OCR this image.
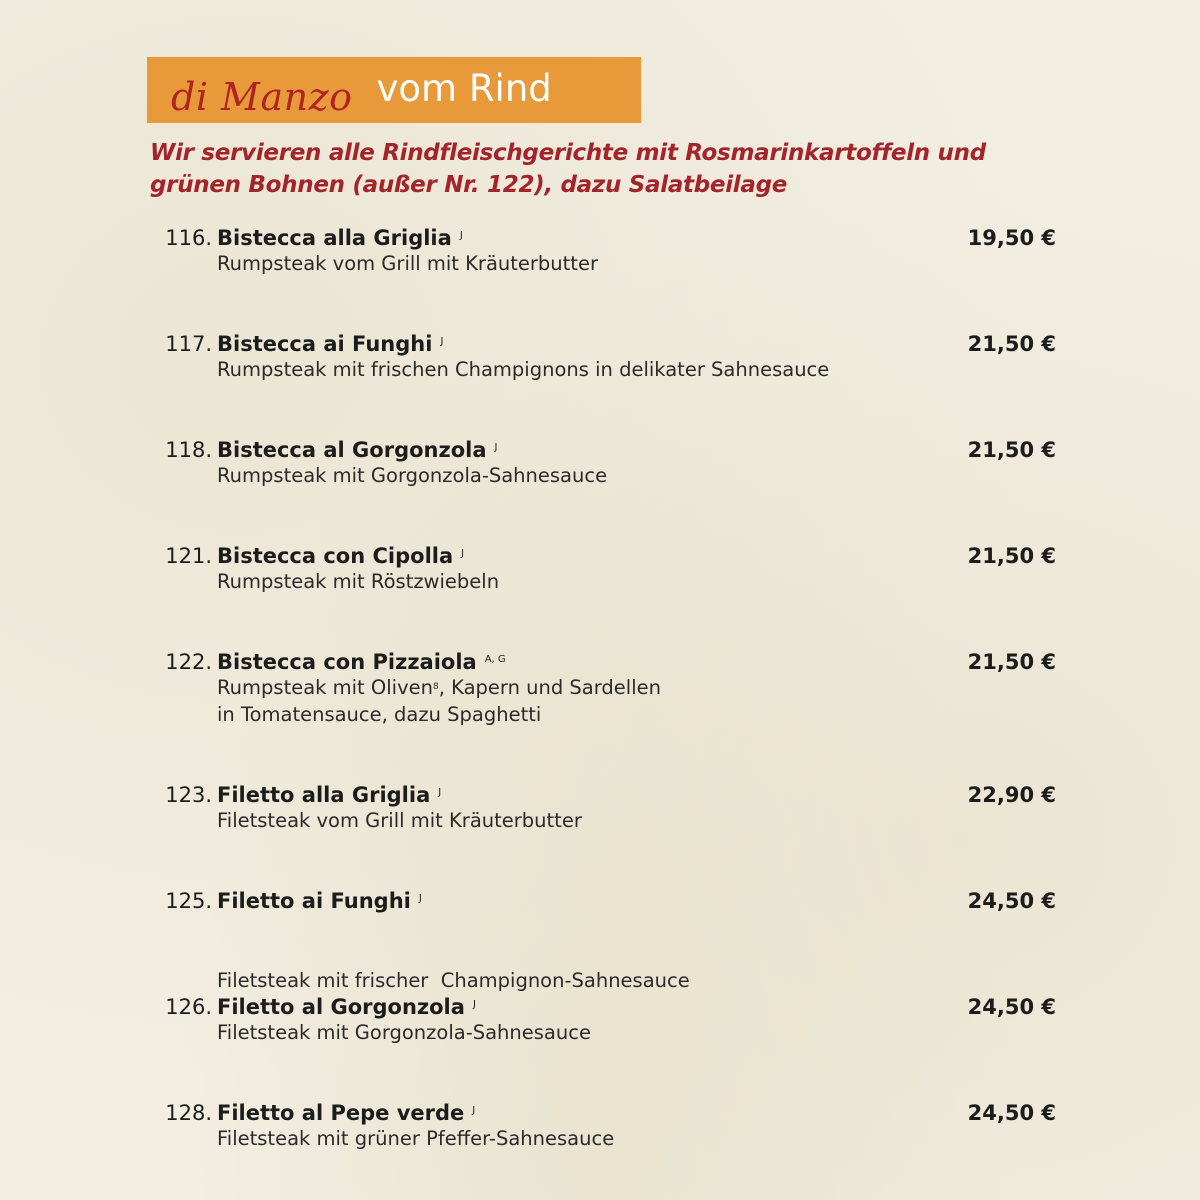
di Manzo vom Rind
Wir servieren alle Rindfleischgerichte mit Rosmarinkartoffeln und
grünen Bohnen (außer Nr. 122), dazu Salatbeilage
116. Bistecca alla Griglia $^J$	19,50 €
Rumpsteak vom Grill mit Kräuterbutter
117. Bistecca ai Funghi $^J$	21,50 €
Rumpsteak mit frischen Champignons in delikater Sahnesauce
118. Bistecca al Gorgonzola $^J$	21,50 €
Rumpsteak mit Gorgonzola-Sahnesauce
121. Bistecca con Cipolla $^J$	21,50 €
Rumpsteak mit Röstzwiebeln
122. Bistecca con Pizzaiola $^{A, G}$	21,50 €
Rumpsteak mit Oliven$^8$, Kapern und Sardellen
in Tomatensauce, dazu Spaghetti
123. Filetto alla Griglia $^J$	22,90 €
Filetsteak vom Grill mit Kräuterbutter
125. Filetto ai Funghi $^J$	24,50 €

Filetsteak mit frischer  Champignon-Sahnesauce

126. Filetto al Gorgonzola $^J$	24,50 €
Filetsteak mit Gorgonzola-Sahnesauce
128. Filetto al Pepe verde $^J$	24,50 €
Filetsteak mit grüner Pfeffer-Sahnesauce
